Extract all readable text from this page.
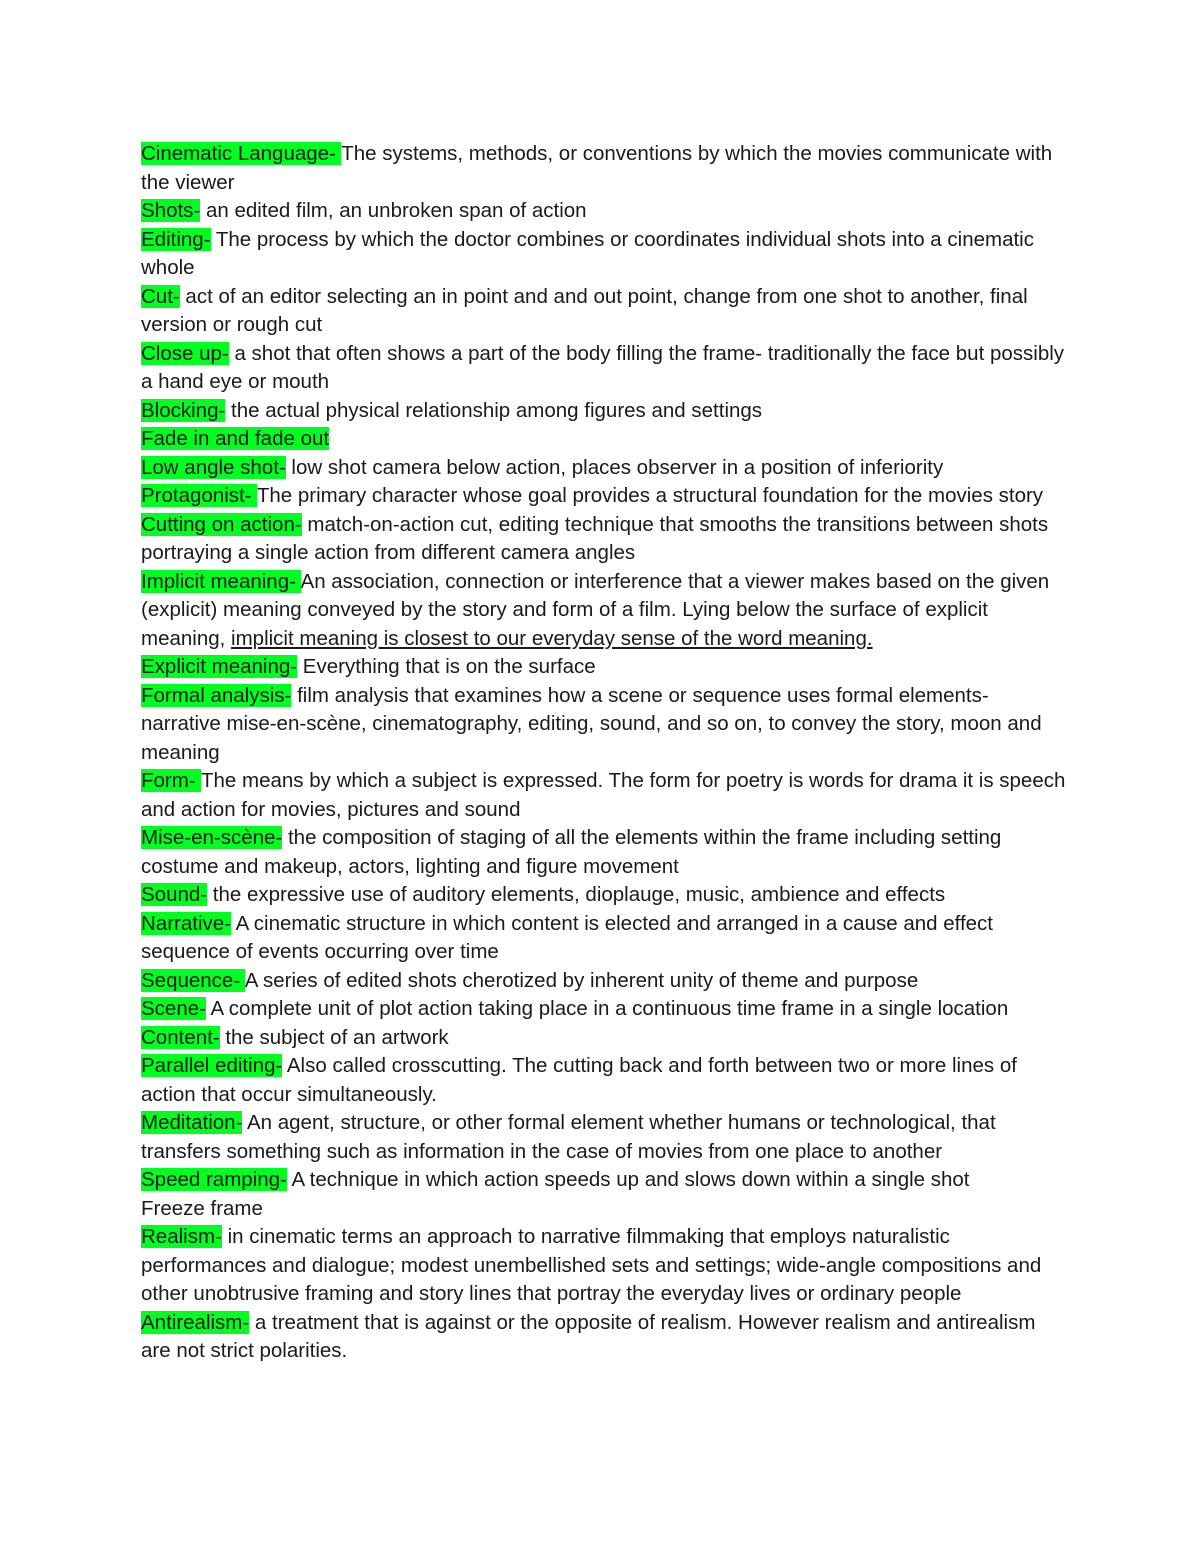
Cinematic Language- The systems, methods, or conventions by which the movies communicate with the viewer

Shots- an edited film, an unbroken span of action

Editing- The process by which the doctor combines or coordinates individual shots into a cinematic whole

Cut- act of an editor selecting an in point and and out point, change from one shot to another, final version or rough cut

Close up- a shot that often shows a part of the body filling the frame- traditionally the face but possibly a hand eye or mouth

Blocking- the actual physical relationship among figures and settings

Fade in and fade out

Low angle shot- low shot camera below action, places observer in a position of inferiority

Protagonist- The primary character whose goal provides a structural foundation for the movies story

Cutting on action- match-on-action cut, editing technique that smooths the transitions between shots portraying a single action from different camera angles

Implicit meaning- An association, connection or interference that a viewer makes based on the given (explicit) meaning conveyed by the story and form of a film. Lying below the surface of explicit meaning, implicit meaning is closest to our everyday sense of the word meaning.

Explicit meaning- Everything that is on the surface

Formal analysis- film analysis that examines how a scene or sequence uses formal elements- narrative mise-en-scène, cinematography, editing, sound, and so on, to convey the story, moon and meaning

Form- The means by which a subject is expressed. The form for poetry is words for drama it is speech and action for movies, pictures and sound

Mise-en-scène- the composition of staging of all the elements within the frame including setting costume and makeup, actors, lighting and figure movement

Sound- the expressive use of auditory elements, dioplauge, music, ambience and effects

Narrative- A cinematic structure in which content is elected and arranged in a cause and effect sequence of events occurring over time

Sequence- A series of edited shots cherotized by inherent unity of theme and purpose

Scene- A complete unit of plot action taking place in a continuous time frame in a single location

Content- the subject of an artwork

Parallel editing- Also called crosscutting. The cutting back and forth between two or more lines of action that occur simultaneously.

Meditation- An agent, structure, or other formal element whether humans or technological, that transfers something such as information in the case of movies from one place to another

Speed ramping- A technique in which action speeds up and slows down within a single shot

Freeze frame

Realism- in cinematic terms an approach to narrative filmmaking that employs naturalistic performances and dialogue; modest unembellished sets and settings; wide-angle compositions and other unobtrusive framing and story lines that portray the everyday lives or ordinary people

Antirealism- a treatment that is against or the opposite of realism. However realism and antirealism are not strict polarities.
